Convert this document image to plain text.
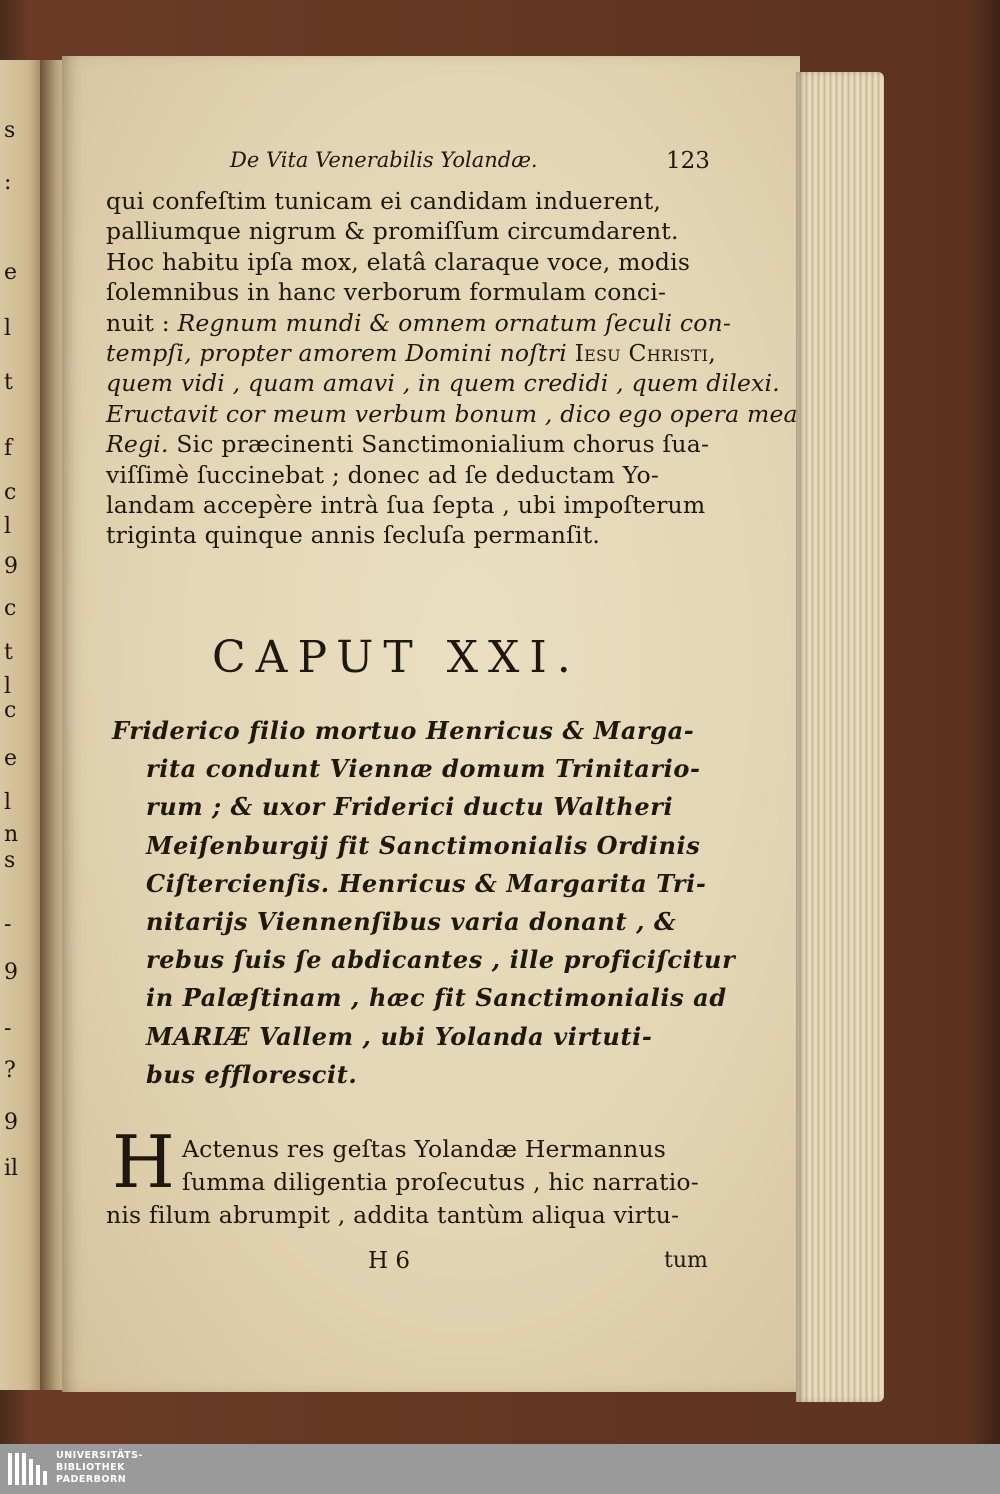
s
:
e
l
t
f
c
l
9
c
t
l
c
e
l
n
s
-
9
-
?
9
il
De Vita Venerabilis Yolandæ.	123
qui confeſtim tunicam ei candidam induerent,
palliumque nigrum & promiſſum circumdarent.
Hoc habitu ipſa mox, elatâ claraque voce, modis
ſolemnibus in hanc verborum formulam conci-
nuit : Regnum mundi & omnem ornatum ſeculi con-
tempſi, propter amorem Domini noſtri Iesu Christi,
quem vidi , quam amavi , in quem credidi , quem dilexi.
Eructavit cor meum verbum bonum , dico ego opera mea
Regi. Sic præcinenti Sanctimonialium chorus ſua-
viſſimè ſuccinebat ; donec ad ſe deductam Yo-
landam accepère intrà ſua ſepta , ubi impoſterum
triginta quinque annis ſecluſa permanſit.
CAPUT XXI.
Friderico filio mortuo Henricus & Marga-
rita condunt Viennæ domum Trinitario-
rum ; & uxor Friderici ductu Waltheri
Meiſenburgij fit Sanctimonialis Ordinis
Ciſtercienſis. Henricus & Margarita Tri-
nitarijs Viennenſibus varia donant , &
rebus ſuis ſe abdicantes , ille proficiſcitur
in Palæſtinam , hæc fit Sanctimonialis ad
MARIÆ Vallem , ubi Yolanda virtuti-
bus efflorescit.
H Actenus res geſtas Yolandæ Hermannus
ſumma diligentia proſecutus , hic narratio-
nis filum abrumpit , addita tantùm aliqua virtu-
H 6	tum
UNIVERSITÄTS-
BIBLIOTHEK
PADERBORN
